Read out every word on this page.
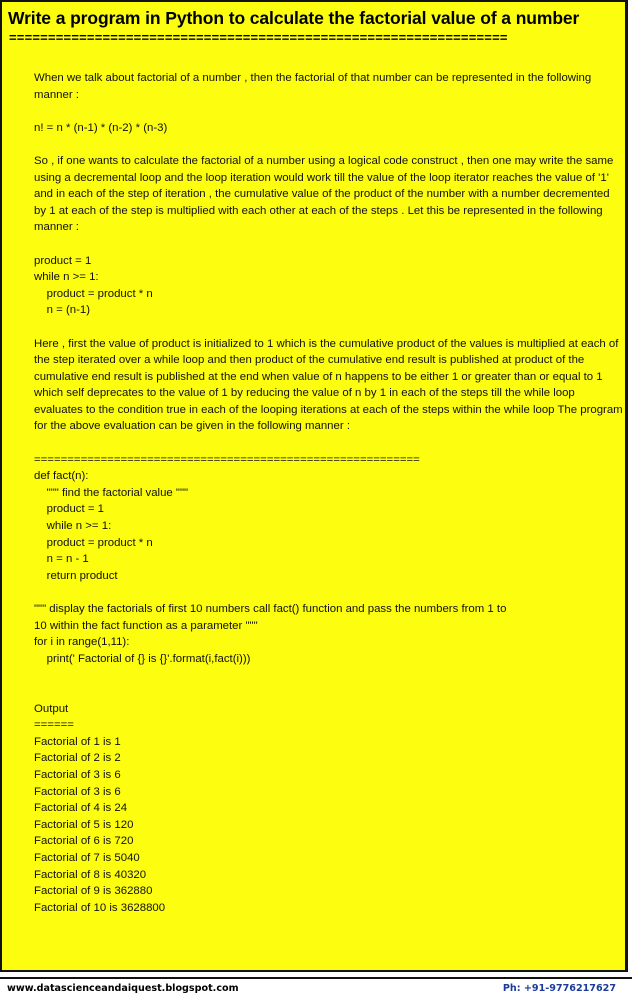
Write a program in Python to calculate the factorial value of a number
================================================================

When we talk about factorial of a number , then the factorial of that number can be represented in the following manner :

n! = n * (n-1) * (n-2) * (n-3)

So , if one wants to calculate the factorial of a number using a logical code construct , then one may write the same using a decremental loop and the loop iteration would work till the value of the loop iterator reaches the value of '1' and in each of the step of iteration , the cumulative value of the product of the number with a number decremented by 1 at each of the step is multiplied with each other at each of the steps . Let this be represented in the following manner :

product = 1
while n >= 1:
product = product * n
n = (n-1)

Here , first the value of product is initialized to 1 which is the cumulative product of the values is multiplied at each of the step iterated over a while loop and then product of the cumulative end result is published at product of the cumulative end result is published at the end when value of n happens to be either 1 or greater than or equal to 1 which self deprecates to the value of 1 by reducing the value of n by 1 in each of the steps till the while loop evaluates to the condition true in each of the looping iterations at each of the steps within the while loop The program for the above evaluation can be given in the following manner :

==========================================================
def fact(n):
""" find the factorial value """
product = 1
while n >= 1:
product = product * n
n = n - 1
return product
""" display the factorials of first 10 numbers call fact() function and pass the numbers from 1 to
10 within the fact function as a parameter """
for i in range(1,11):
print(' Factorial of {} is {}'.format(i,fact(i)))

Output

======

Factorial of 1 is 1
Factorial of 2 is 2
Factorial of 3 is 6
Factorial of 3 is 6
Factorial of 4 is 24
Factorial of 5 is 120
Factorial of 6 is 720
Factorial of 7 is 5040
Factorial of 8 is 40320
Factorial of 9 is 362880
Factorial of 10 is 3628800
www.datascienceandaiquest.blogspot.com	Ph: +91-9776217627
